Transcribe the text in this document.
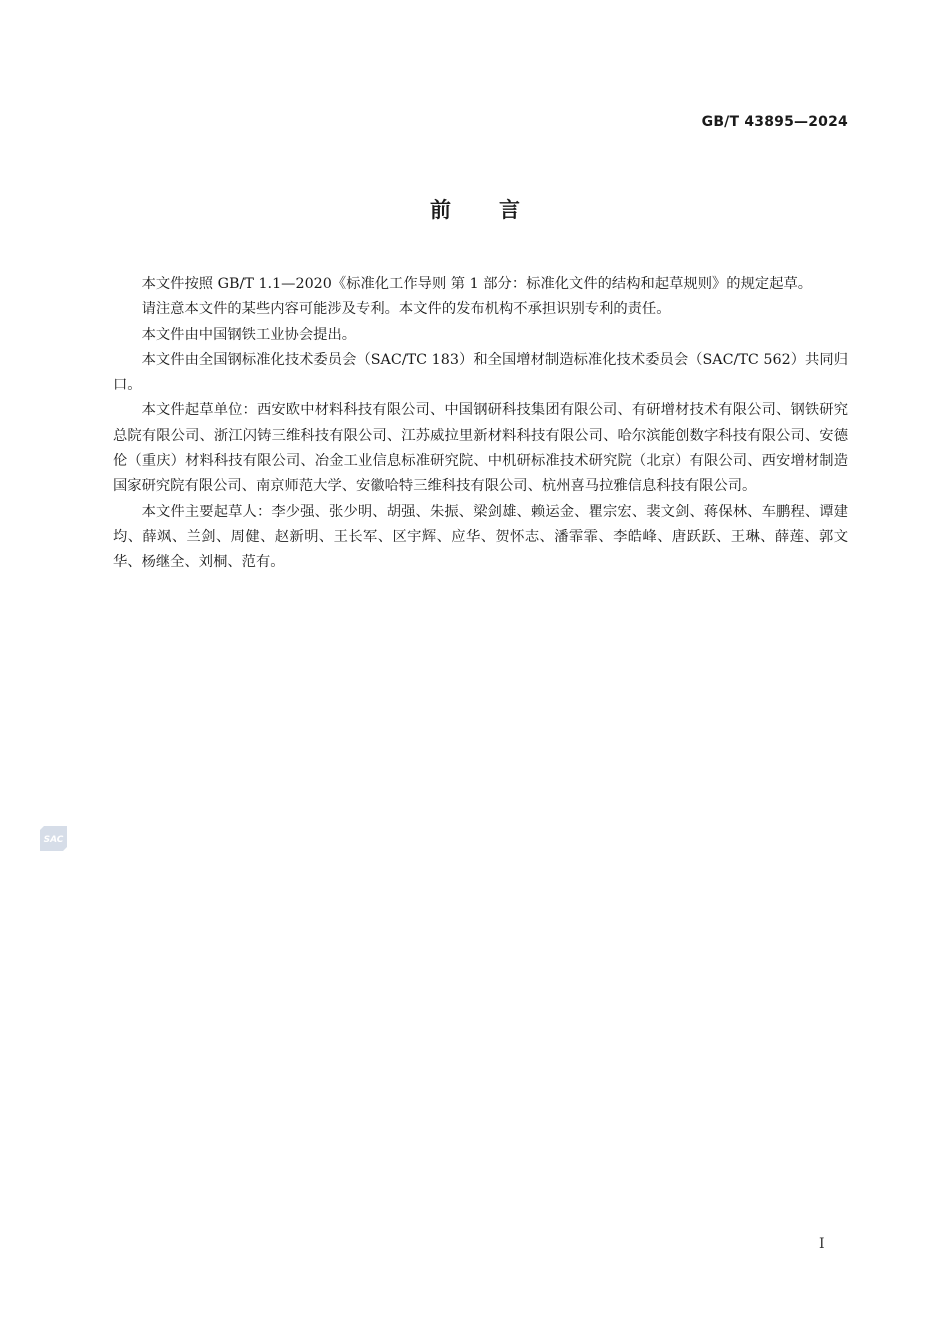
GB/T 43895—2024
前言

本文件按照 GB/T 1.1—2020《标准化工作导则 第 1 部分：标准化文件的结构和起草规则》的规定起草。

请注意本文件的某些内容可能涉及专利。本文件的发布机构不承担识别专利的责任。

本文件由中国钢铁工业协会提出。

本文件由全国钢标准化技术委员会（SAC/TC 183）和全国增材制造标准化技术委员会（SAC/TC 562）共同归口。

本文件起草单位：西安欧中材料科技有限公司、中国钢研科技集团有限公司、有研增材技术有限公司、钢铁研究总院有限公司、浙江闪铸三维科技有限公司、江苏威拉里新材料科技有限公司、哈尔滨能创数字科技有限公司、安德伦（重庆）材料科技有限公司、冶金工业信息标准研究院、中机研标准技术研究院（北京）有限公司、西安增材制造国家研究院有限公司、南京师范大学、安徽哈特三维科技有限公司、杭州喜马拉雅信息科技有限公司。

本文件主要起草人：李少强、张少明、胡强、朱振、梁剑雄、赖运金、瞿宗宏、裴文剑、蒋保林、车鹏程、谭建均、薛飒、兰剑、周健、赵新明、王长军、区宇辉、应华、贺怀志、潘霏霏、李皓峰、唐跃跃、王琳、薛莲、郭文华、杨继全、刘桐、范有。

SAC
I
